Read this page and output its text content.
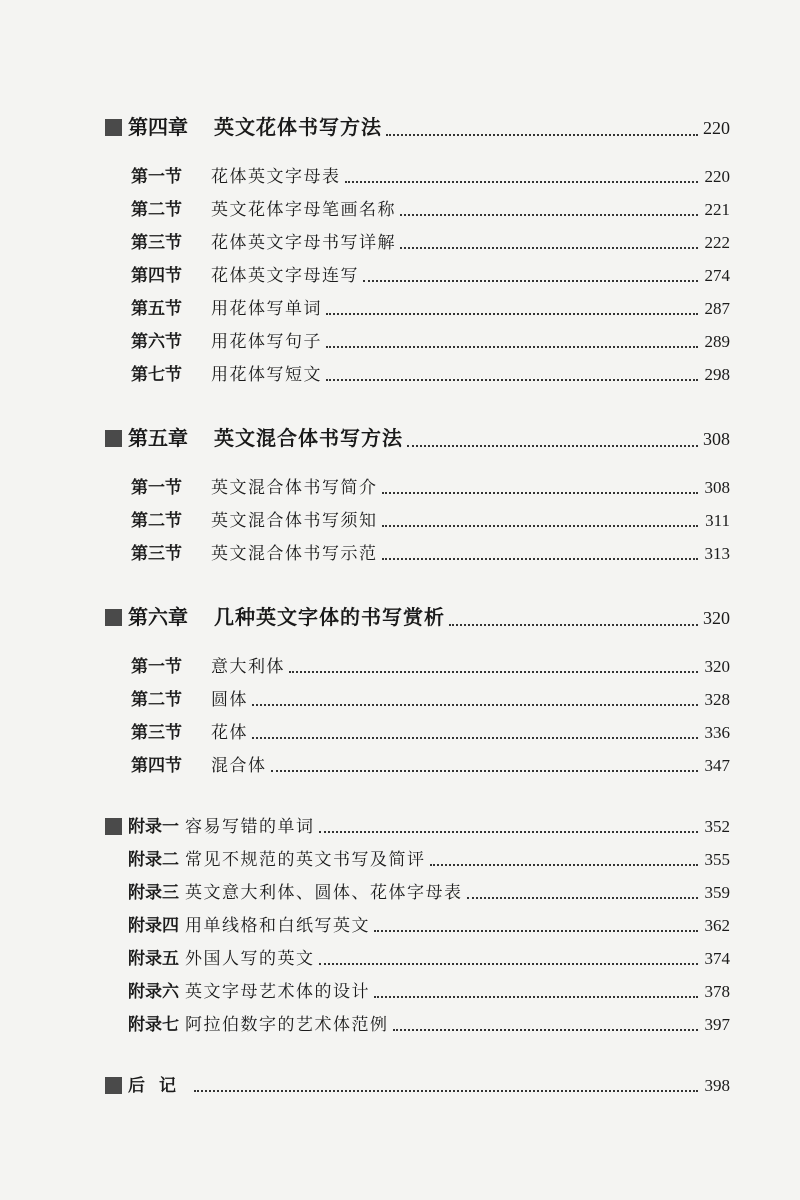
第四章	英文花体书写方法	220
第一节	花体英文字母表	220
第二节	英文花体字母笔画名称	221
第三节	花体英文字母书写详解	222
第四节	花体英文字母连写	274
第五节	用花体写单词	287
第六节	用花体写句子	289
第七节	用花体写短文	298
第五章	英文混合体书写方法	308
第一节	英文混合体书写简介	308
第二节	英文混合体书写须知	311
第三节	英文混合体书写示范	313
第六章	几种英文字体的书写赏析	320
第一节	意大利体	320
第二节	圆体	328
第三节	花体	336
第四节	混合体	347
附录一 容易写错的单词	352
附录二 常见不规范的英文书写及简评	355
附录三 英文意大利体、圆体、花体字母表	359
附录四 用单线格和白纸写英文	362
附录五 外国人写的英文	374
附录六 英文字母艺术体的设计	378
附录七 阿拉伯数字的艺术体范例	397
后记	398
